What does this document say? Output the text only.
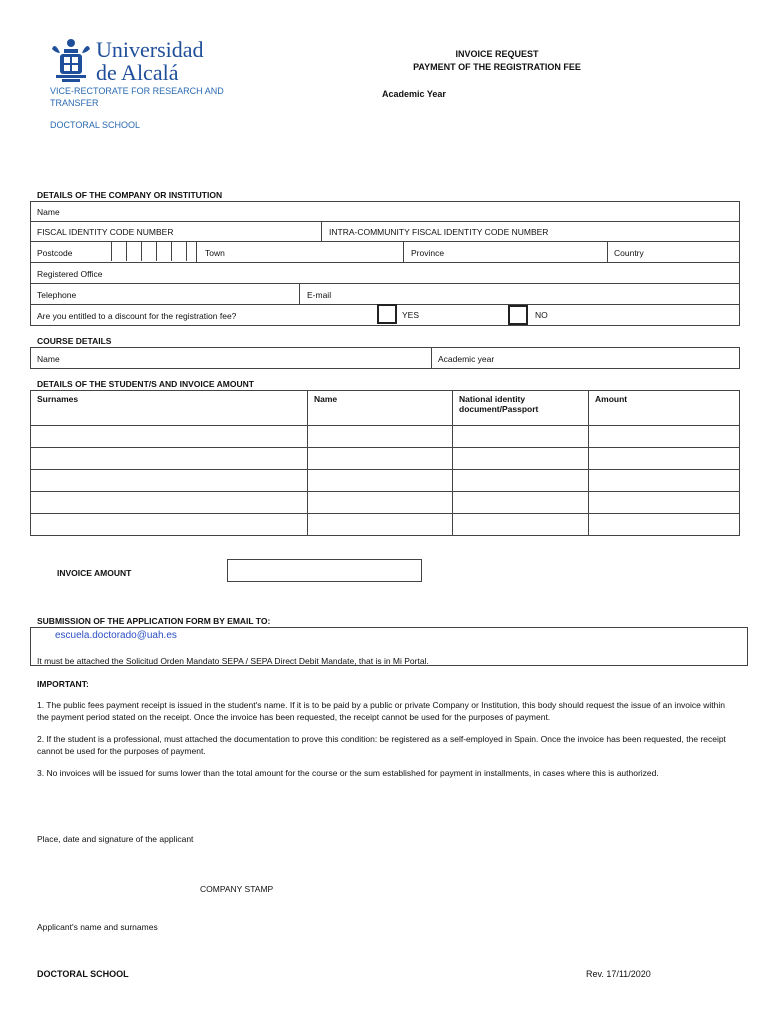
Universidad
de Alcalá
VICE-RECTORATE FOR RESEARCH AND TRANSFER
DOCTORAL SCHOOL
INVOICE REQUEST
PAYMENT OF THE REGISTRATION FEE
Academic Year
DETAILS OF THE COMPANY OR INSTITUTION
Name
FISCAL IDENTITY CODE NUMBER	INTRA-COMMUNITY FISCAL IDENTITY CODE NUMBER
Postcode	Town	Province	Country
Registered Office
Telephone	E-mail
Are you entitled to a discount for the registration fee?	YES	NO
COURSE DETAILS
Name	Academic year
DETAILS OF THE STUDENT/S AND INVOICE AMOUNT
Surnames	Name	National identity document/Passport	Amount

INVOICE AMOUNT
SUBMISSION OF THE APPLICATION FORM BY EMAIL TO:
escuela.doctorado@uah.es
It must be attached the Solicitud Orden Mandato SEPA / SEPA Direct Debit Mandate, that is in Mi Portal.
IMPORTANT:

1. The public fees payment receipt is issued in the student's name. If it is to be paid by a public or private Company or Institution, this body should request the issue of an invoice within the payment period stated on the receipt. Once the invoice has been requested, the receipt cannot be used for the purposes of payment.

2. If the student is a professional, must attached the documentation to prove this condition: be registered as a self-employed in Spain. Once the invoice has been requested, the receipt cannot be used for the purposes of payment.

3. No invoices will be issued for sums lower than the total amount for the course or the sum established for payment in installments, in cases where this is authorized.

Place, date and signature of the applicant
COMPANY STAMP
Applicant's name and surnames
DOCTORAL SCHOOL	Rev. 17/11/2020
